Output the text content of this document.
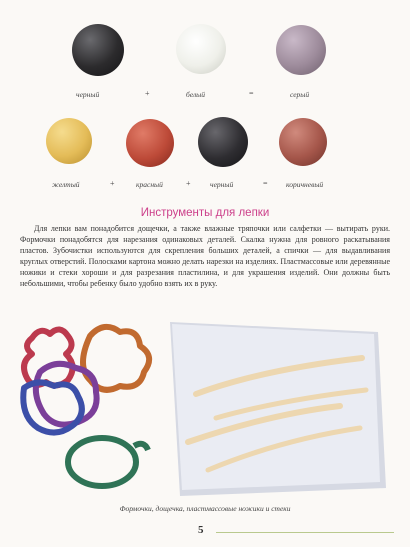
черный	+	белый	=	серый
желтый	+	красный	+	черный	= коричневый
Инструменты для лепки

Для лепки вам понадобится дощечки, а также влажные тряпочки или салфетки — вытирать руки. Формочки понадобятся для нарезания одинаковых деталей. Скалка нужна для ровного раскатывания пластов. Зубочистки используются для скрепления больших деталей, а спички — для выдавливания круглых отверстий. Полосками картона можно делать нарезки на изделиях. Пластмассовые или деревянные ножики и стеки хороши и для разрезания пластилина, и для украшения изделий. Они должны быть небольшими, чтобы ребенку было удобно взять их в руку.

Формочки, дощечка, пластмассовые ножики и стеки
5
